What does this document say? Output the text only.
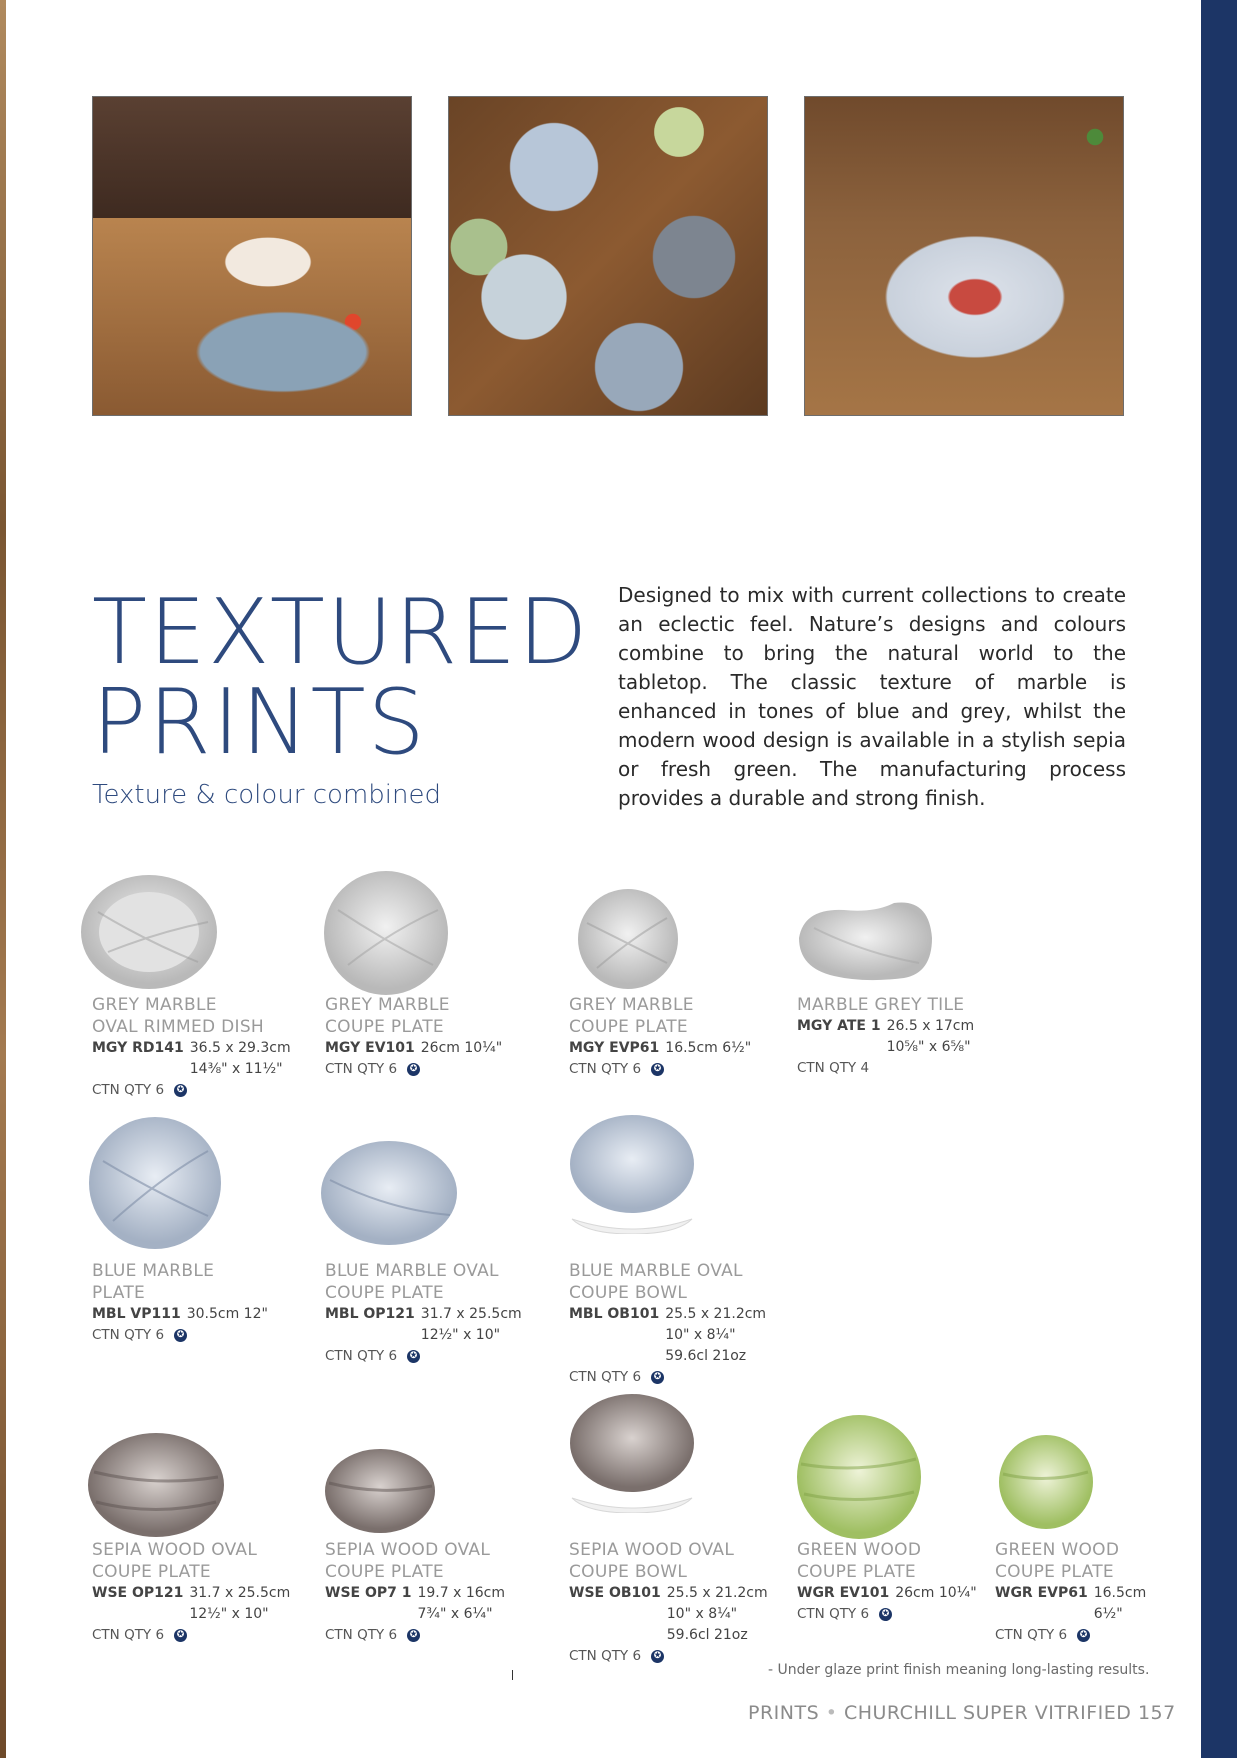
TEXTURED
PRINTS
Texture & colour combined
Designed to mix with current collections to create an eclectic feel. Nature’s designs and colours combine to bring the natural world to the tabletop. The classic texture of marble is enhanced in tones of blue and grey, whilst the modern wood design is available in a stylish sepia or fresh green. The manufacturing process provides a durable and strong finish.
GREY MARBLE
OVAL RIMMED DISH
MGY RD141 36.5 x 29.3cm
14⅜" x 11½"
CTN QTY 6 ✪
GREY MARBLE
COUPE PLATE
MGY EV101 26cm 10¼"
CTN QTY 6 ✪
GREY MARBLE
COUPE PLATE
MGY EVP61 16.5cm 6½"
CTN QTY 6 ✪
MARBLE GREY TILE
MGY ATE 1 26.5 x 17cm
10⅝" x 6⅝"
CTN QTY 4
BLUE MARBLE
PLATE
MBL VP111 30.5cm 12"
CTN QTY 6 ✪
BLUE MARBLE OVAL
COUPE PLATE
MBL OP121 31.7 x 25.5cm
12½" x 10"
CTN QTY 6 ✪
BLUE MARBLE OVAL
COUPE BOWL
MBL OB101 25.5 x 21.2cm
10" x 8¼"
59.6cl 21oz
CTN QTY 6 ✪
SEPIA WOOD OVAL
COUPE PLATE
WSE OP121 31.7 x 25.5cm
12½" x 10"
CTN QTY 6 ✪
SEPIA WOOD OVAL
COUPE PLATE
WSE OP7 1 19.7 x 16cm
7¾" x 6¼"
CTN QTY 6 ✪
SEPIA WOOD OVAL
COUPE BOWL
WSE OB101 25.5 x 21.2cm
10" x 8¼"
59.6cl 21oz
CTN QTY 6 ✪
GREEN WOOD
COUPE PLATE
WGR EV101 26cm 10¼"
CTN QTY 6 ✪
GREEN WOOD
COUPE PLATE
WGR EVP61 16.5cm 6½"
CTN QTY 6 ✪
- Under glaze print finish meaning long-lasting results.
PRINTS • CHURCHILL SUPER VITRIFIED 157
